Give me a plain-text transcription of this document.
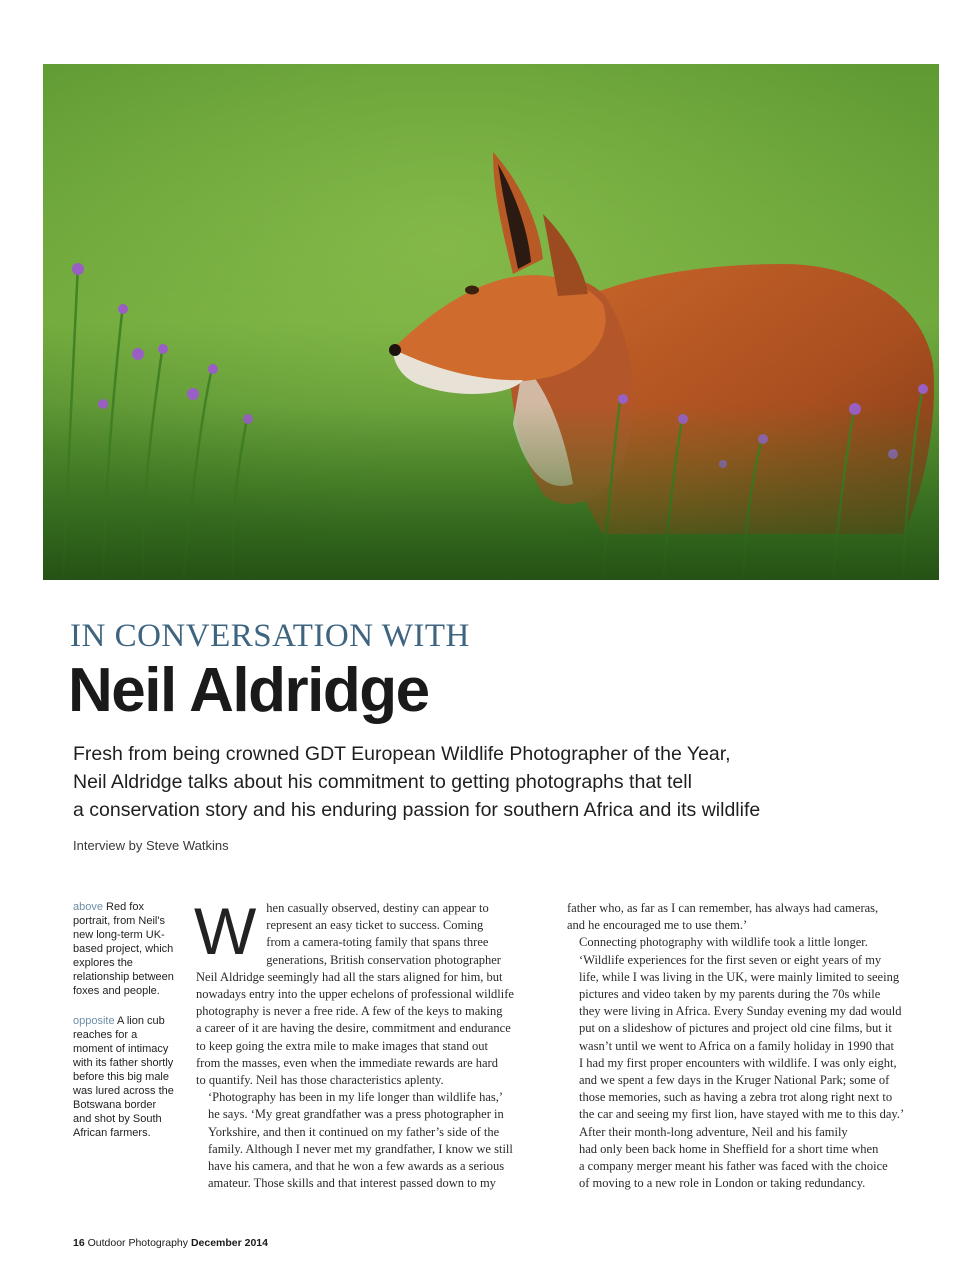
IN CONVERSATION WITH
Neil Aldridge

Fresh from being crowned GDT European Wildlife Photographer of the Year,
Neil Aldridge talks about his commitment to getting photographs that tell
a conservation story and his enduring passion for southern Africa and its wildlife

Interview by Steve Watkins

above Red fox portrait, from Neil's new long-term UK-based project, which explores the relationship between foxes and people.

opposite A lion cub reaches for a moment of intimacy with its father shortly before this big male was lured across the Botswana border and shot by South African farmers.

W hen casually observed, destiny can appear to
represent an easy ticket to success. Coming
from a camera-toting family that spans three
generations, British conservation photographer
Neil Aldridge seemingly had all the stars aligned for him, but
nowadays entry into the upper echelons of professional wildlife
photography is never a free ride. A few of the keys to making
a career of it are having the desire, commitment and endurance
to keep going the extra mile to make images that stand out
from the masses, even when the immediate rewards are hard
to quantify. Neil has those characteristics aplenty.

‘Photography has been in my life longer than wildlife has,’
he says. ‘My great grandfather was a press photographer in
Yorkshire, and then it continued on my father’s side of the
family. Although I never met my grandfather, I know we still
have his camera, and that he won a few awards as a serious
amateur. Those skills and that interest passed down to my

father who, as far as I can remember, has always had cameras,
and he encouraged me to use them.’

Connecting photography with wildlife took a little longer.
‘Wildlife experiences for the first seven or eight years of my
life, while I was living in the UK, were mainly limited to seeing
pictures and video taken by my parents during the 70s while
they were living in Africa. Every Sunday evening my dad would
put on a slideshow of pictures and project old cine films, but it
wasn’t until we went to Africa on a family holiday in 1990 that
I had my first proper encounters with wildlife. I was only eight,
and we spent a few days in the Kruger National Park; some of
those memories, such as having a zebra trot along right next to
the car and seeing my first lion, have stayed with me to this day.’

After their month-long adventure, Neil and his family
had only been back home in Sheffield for a short time when
a company merger meant his father was faced with the choice
of moving to a new role in London or taking redundancy.

16 Outdoor Photography December 2014
